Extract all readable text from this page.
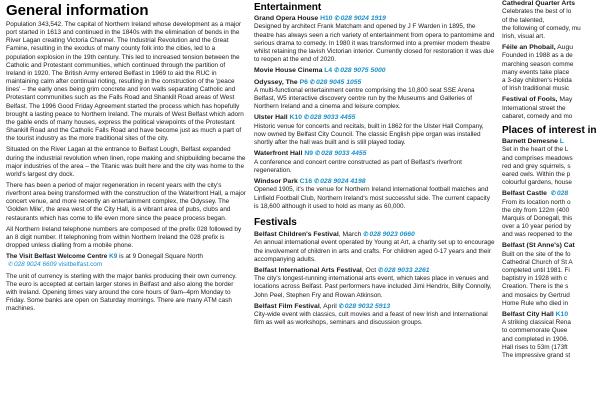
General information
Population 343,542. The capital of Northern Ireland whose development as a major port started in 1613 and continued in the 1840s with the elimination of bends in the River Lagan creating Victoria Channel. The Industrial Revolution and the Great Famine, resulting in the exodus of many county folk into the cities, led to a population explosion in the 19th century. This led to increased tension between the Catholic and Protestant communities, which continued through the partition of Ireland in 1920. The British Army entered Belfast in 1969 to aid the RUC in maintaining calm after continual rioting, resulting in the construction of the 'peace lines' – the early ones being grim concrete and iron walls separating Catholic and Protestant communities such as the Falls Road and Shankill Road areas of West Belfast. The 1996 Good Friday Agreement started the process which has hopefully brought a lasting peace to Northern Ireland. The murals of West Belfast which adorn the gable ends of many houses, express the political viewpoints of the Protestant Shankill Road and the Catholic Falls Road and have become just as much a part of the tourist industry as the more traditional sites of the city.
Situated on the River Lagan at the entrance to Belfast Lough, Belfast expanded during the industrial revolution when linen, rope making and shipbuilding became the major industries of the area – the Titanic was built here and the city was home to the world's largest dry dock.
There has been a period of major regeneration in recent years with the city's riverfront area being transformed with the construction of the Waterfront Hall, a major concert venue, and more recently an entertainment complex, the Odyssey. The 'Golden Mile', the area west of the City Hall, is a vibrant area of pubs, clubs and restaurants which has come to life even more since the peace process began.
All Northern Ireland telephone numbers are composed of the prefix 028 followed by an 8 digit number. If telephoning from within Northern Ireland the 028 prefix is dropped unless dialling from a mobile phone.
The Visit Belfast Welcome Centre K9 is at 9 Donegall Square North
✆028 9024 6609 visitbelfast.com
The unit of currency is sterling with the major banks producing their own currency. The euro is accepted at certain larger stores in Belfast and also along the border with Ireland. Opening times vary around the core hours of 9am–4pm Monday to Friday. Some banks are open on Saturday mornings. There are many ATM cash machines.
Entertainment
Grand Opera House H10 ✆028 9024 1919
Designed by architect Frank Matcham and opened by J F Warden in 1895, the theatre has always seen a rich variety of entertainment from opera to pantomime and serious drama to comedy. In 1980 it was transformed into a premier modern theatre whilst retaining the lavish Victorian interior. Currently closed for restoration it was due to reopen at the end of 2020.
Movie House Cinema L4 ✆028 9075 5000
Odyssey, The P6 ✆028 9045 1055
A multi-functional entertainment centre comprising the 10,800 seat SSE Arena Belfast, W5 interactive discovery centre run by the Museums and Galleries of Northern Ireland and a cinema and leisure complex.
Ulster Hall K10 ✆028 9033 4455
Historic venue for concerts and recitals, built in 1862 for the Ulster Hall Company, now owned by Belfast City Council. The classic English pipe organ was installed shortly after the hall was built and is still played today.
Waterfront Hall N9 ✆028 9033 4455
A conference and concert centre constructed as part of Belfast's riverfront regeneration.
Windsor Park C16 ✆028 9024 4198
Opened 1905, it's the venue for Northern Ireland international football matches and Linfield Football Club, Northern Ireland's most successful side. The current capacity is 18,600 although it used to hold as many as 60,000.
Festivals
Belfast Children's Festival, March ✆028 9023 0660
An annual international event operated by Young at Art, a charity set up to encourage the involvement of children in arts and crafts. For children aged 0-17 years and their accompanying adults.
Belfast International Arts Festival, Oct ✆028 9033 2261
The city's longest-running international arts event, which takes place in venues and locations across Belfast. Past performers have included Jimi Hendrix, Billy Connolly, John Peel, Stephen Fry and Rowan Atkinson.
Belfast Film Festival, April ✆028 9032 5913
City-wide event with classics, cult movies and a feast of new Irish and International film as well as workshops, seminars and discussion groups.
Cathedral Quarter Arts
Celebrates the best of lo
of the talented,
the following of comedy, mu
Irish, visual art.
Féile an Phobail, Augu
Founded in 1988 as a de
marching season comme
many events take place
a 3-day children's Holida
of Irish traditional music
Festival of Fools, May
International street the
cabaret, comedy and mo
Places of interest in
Barnett Demesne L
Set in the heart of the L
and comprises meadows
red and grey squirrels, s
eared owls. Within the p
colourful gardens, house
Belfast Castle ✆028
From its location north o
the city from 122m (400
Marquis of Donegall, this
over a 10 year period by
and was reopened to the
Belfast (St Anne's) Cat
Built on the site of the fo
Cathedral Church of St A
completed until 1981. Fi
baptistry in 1928 with c
Creation. There is the s
and mosaics by Gertrud
Home Rule who died in
Belfast City Hall K10
A striking classical Rena
to commemorate Quee
and completed in 1906.
Hall rises to 53m (173ft
The impressive grand st
